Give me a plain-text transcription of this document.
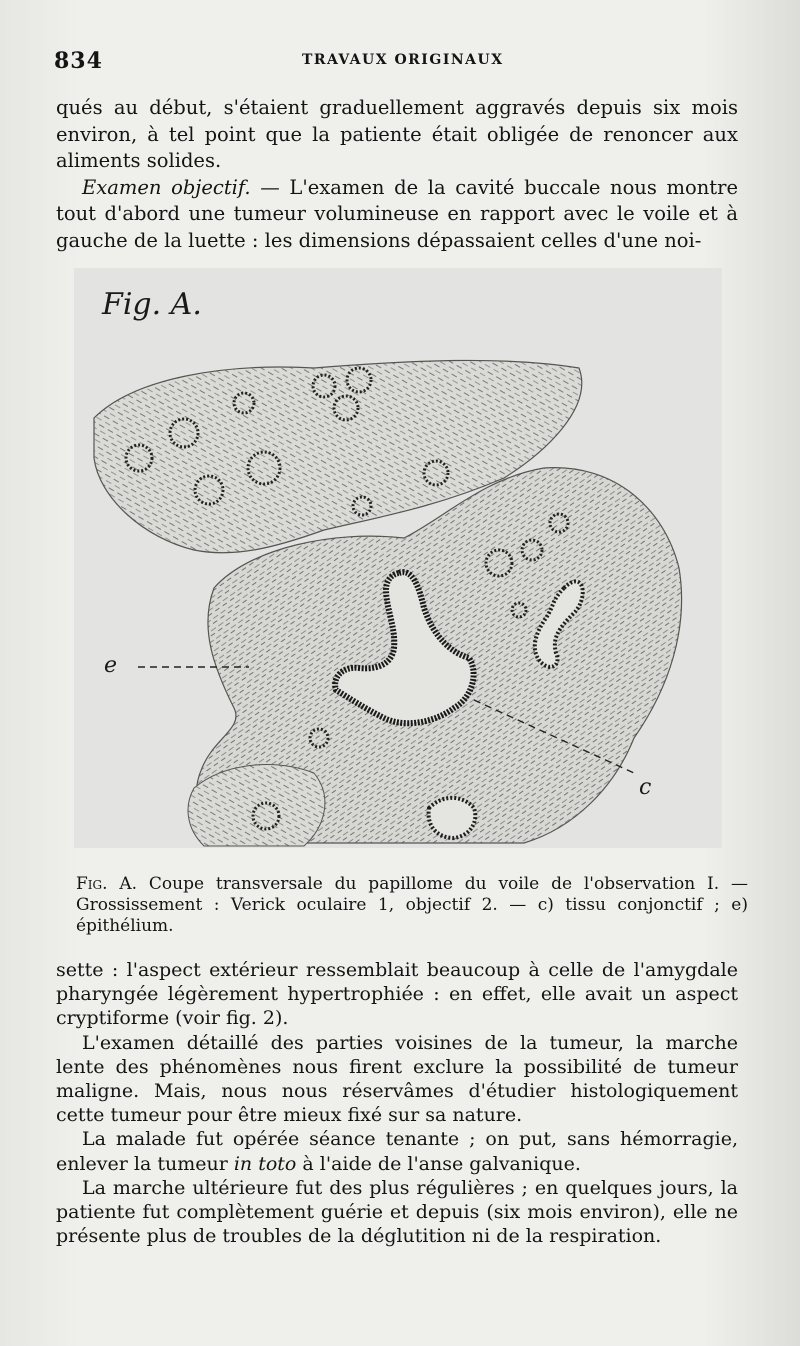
834	TRAVAUX ORIGINAUX

qués au début, s'étaient graduellement aggravés depuis six mois environ, à tel point que la patiente était obligée de renoncer aux aliments solides.

Examen objectif. — L'examen de la cavité buccale nous montre tout d'abord une tumeur volumineuse en rapport avec le voile et à gauche de la luette : les dimensions dépassaient celles d'une noi-

Fig. A.
e
c
Fig. A. Coupe transversale du papillome du voile de l'observation I. — Grossissement : Verick oculaire 1, objectif 2. — c) tissu conjonctif ; e) épithélium.

sette : l'aspect extérieur ressemblait beaucoup à celle de l'amygdale pharyngée légèrement hypertrophiée : en effet, elle avait un aspect cryptiforme (voir fig. 2).

L'examen détaillé des parties voisines de la tumeur, la marche lente des phénomènes nous firent exclure la possibilité de tumeur maligne. Mais, nous nous réservâmes d'étudier histologiquement cette tumeur pour être mieux fixé sur sa nature.

La malade fut opérée séance tenante ; on put, sans hémorragie, enlever la tumeur in toto à l'aide de l'anse galvanique.

La marche ultérieure fut des plus régulières ; en quelques jours, la patiente fut complètement guérie et depuis (six mois environ), elle ne présente plus de troubles de la déglutition ni de la respiration.
